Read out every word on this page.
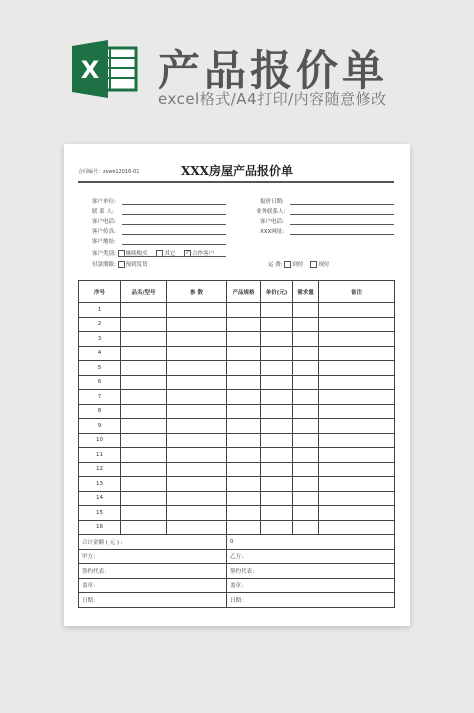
X 产品报价单
excel格式/A4打印/内容随意修改
合同编号：zswe12016-01	XXX房屋产品报价单
客户单位:
联 系 人:
客户电话:
客户传真:
客户地址:
报价日期:
业务联系人:
客户电话:
XXX网址:
客户类别: 继续购买	其它 ✓ 合作客户
付款期限: 预到发货	运 费: 到付	现付
序号	品名/型号	参 数	产品规格	单价(元)	需求量	备注
1						
2						
3						
4						
5						
6						
7						
8						
9						
10						
11						
12						
13						
14						
15						
16						
合计金额 ( 元 ) :			0			
甲方：			乙方：			
签约代表：			签约代表：			
盖章：			盖章：			
日期：			日期：			
